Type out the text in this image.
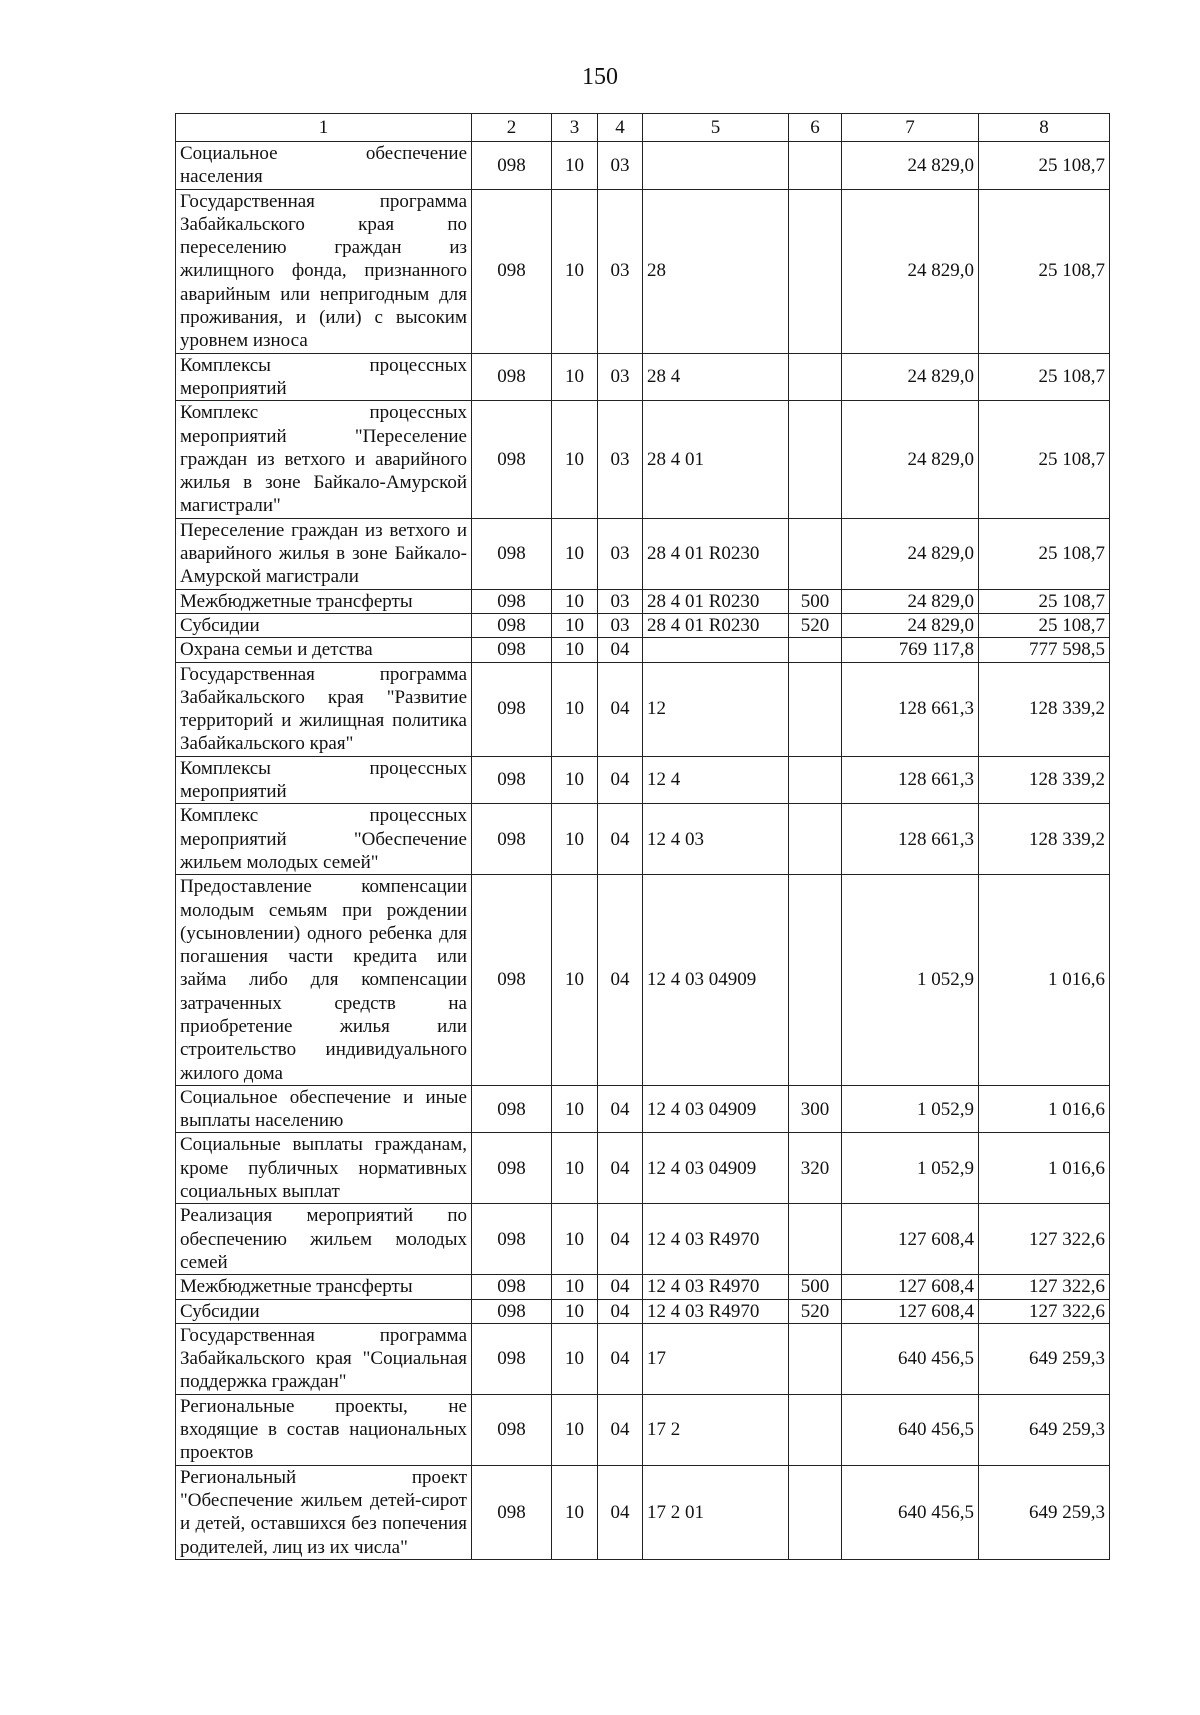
150
1	2	3	4	5	6	7	8
Социальное обеспечение населения	098	10	03			24 829,0	25 108,7
Государственная программа Забайкальского края по переселению граждан из жилищного фонда, признанного аварийным или непригодным для проживания, и (или) с высоким уровнем износа	098	10	03	28		24 829,0	25 108,7
Комплексы процессных мероприятий	098	10	03	28 4		24 829,0	25 108,7
Комплекс процессных мероприятий "Переселение граждан из ветхого и аварийного жилья в зоне Байкало-Амурской магистрали"	098	10	03	28 4 01		24 829,0	25 108,7
Переселение граждан из ветхого и аварийного жилья в зоне Байкало-Амурской магистрали	098	10	03	28 4 01 R0230		24 829,0	25 108,7
Межбюджетные трансферты	098	10	03	28 4 01 R0230	500	24 829,0	25 108,7
Субсидии	098	10	03	28 4 01 R0230	520	24 829,0	25 108,7
Охрана семьи и детства	098	10	04			769 117,8	777 598,5
Государственная программа Забайкальского края "Развитие территорий и жилищная политика Забайкальского края"	098	10	04	12		128 661,3	128 339,2
Комплексы процессных мероприятий	098	10	04	12 4		128 661,3	128 339,2
Комплекс процессных мероприятий "Обеспечение жильем молодых семей"	098	10	04	12 4 03		128 661,3	128 339,2
Предоставление компенсации молодым семьям при рождении (усыновлении) одного ребенка для погашения части кредита или займа либо для компенсации затраченных средств на приобретение жилья или строительство индивидуального жилого дома	098	10	04	12 4 03 04909		1 052,9	1 016,6
Социальное обеспечение и иные выплаты населению	098	10	04	12 4 03 04909	300	1 052,9	1 016,6
Социальные выплаты гражданам, кроме публичных нормативных социальных выплат	098	10	04	12 4 03 04909	320	1 052,9	1 016,6
Реализация мероприятий по обеспечению жильем молодых семей	098	10	04	12 4 03 R4970		127 608,4	127 322,6
Межбюджетные трансферты	098	10	04	12 4 03 R4970	500	127 608,4	127 322,6
Субсидии	098	10	04	12 4 03 R4970	520	127 608,4	127 322,6
Государственная программа Забайкальского края "Социальная поддержка граждан"	098	10	04	17		640 456,5	649 259,3
Региональные проекты, не входящие в состав национальных проектов	098	10	04	17 2		640 456,5	649 259,3
Региональный проект "Обеспечение жильем детей-сирот и детей, оставшихся без попечения родителей, лиц из их числа"	098	10	04	17 2 01		640 456,5	649 259,3
